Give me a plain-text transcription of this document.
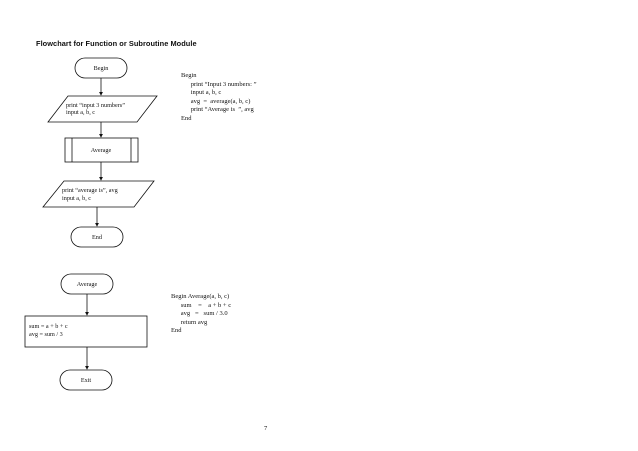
Flowchart for Function or Subroutine Module
Begin
print “input 3 numbers”
input a, b, c
Average
print “average is”, avg
input a, b, c
End
Average
sum = a + b + c
avg = sum / 3
Exit
Begin
print “Input 3 numbers: ”
input a, b, c
avg  =  average(a, b, c)
print “Average is  ”, avg
End
Begin Average(a, b, c)
sum    =    a + b + c
avg   =   sum / 3.0
return avg
End
7
